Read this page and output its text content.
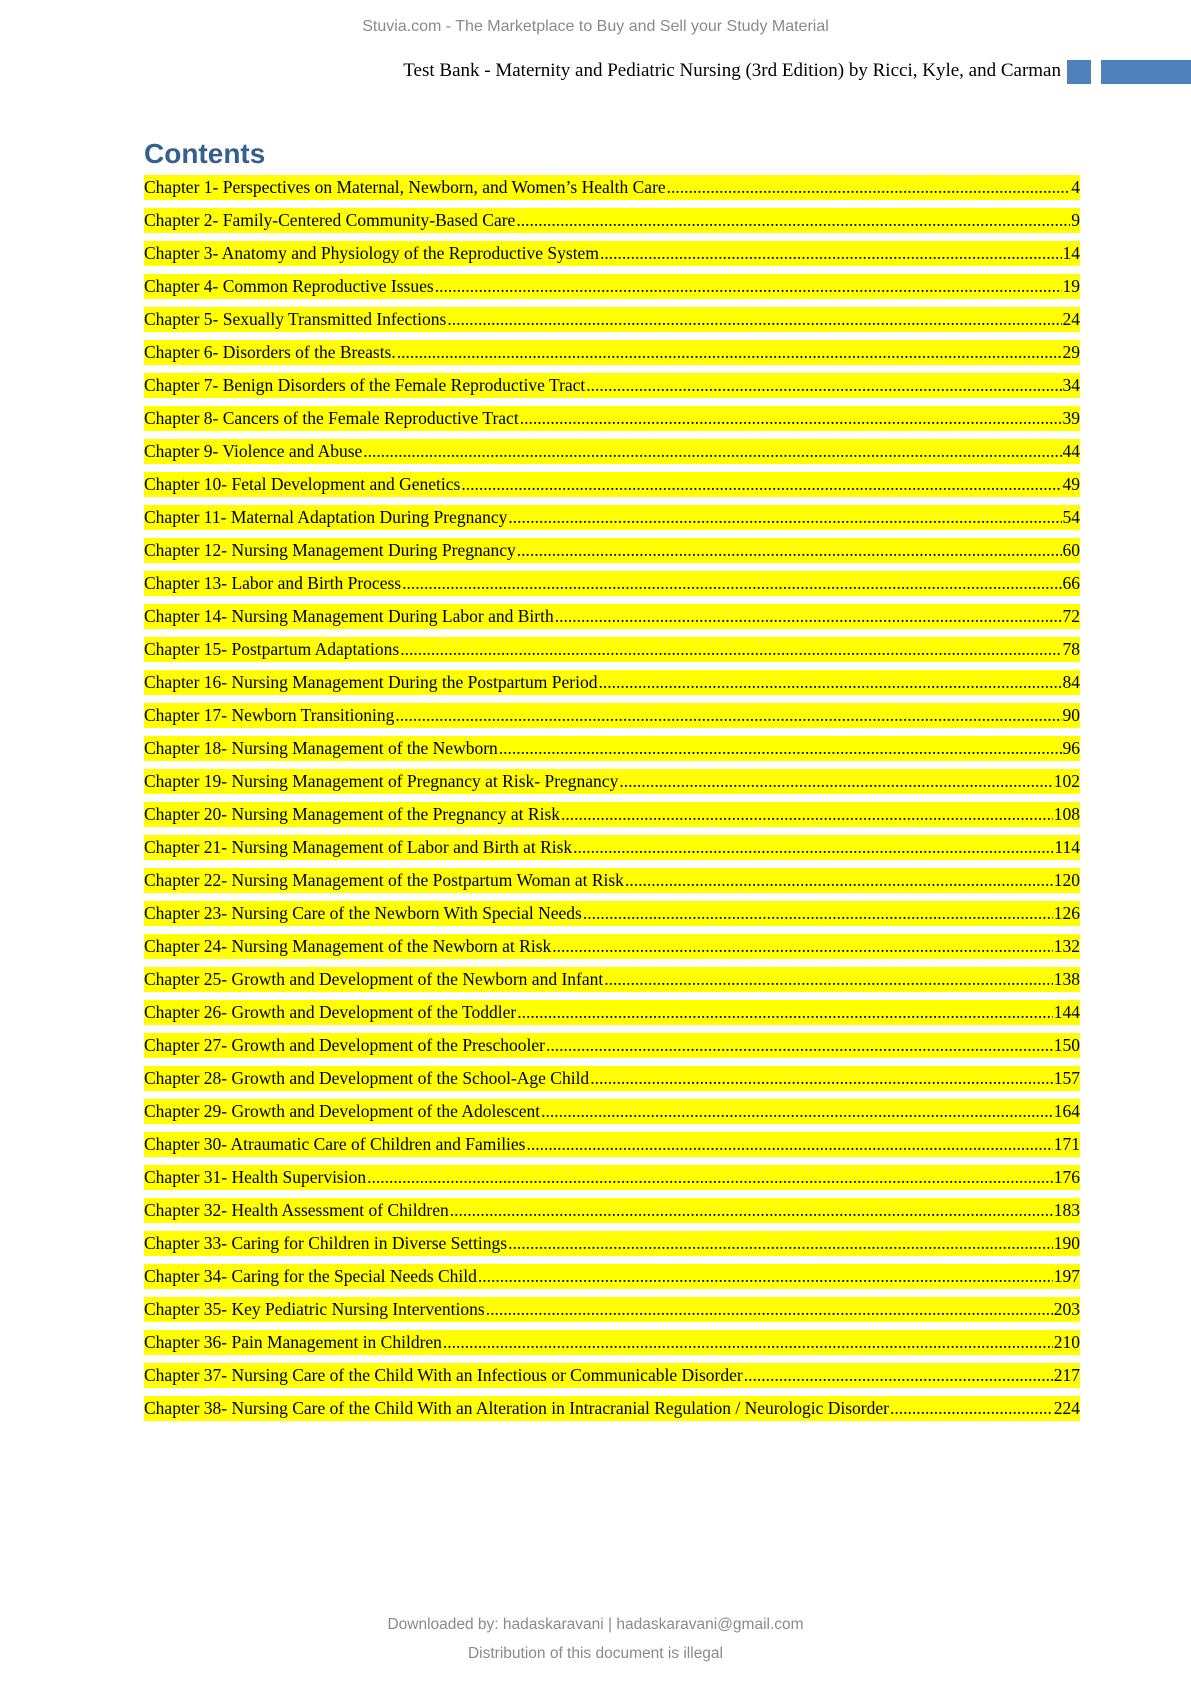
Stuvia.com - The Marketplace to Buy and Sell your Study Material
Test Bank - Maternity and Pediatric Nursing (3rd Edition) by Ricci, Kyle, and Carman
Contents
Chapter 1- Perspectives on Maternal, Newborn, and Women’s Health Care .....	4
Chapter 2- Family-Centered Community-Based Care .....	9
Chapter 3- Anatomy and Physiology of the Reproductive System .....	14
Chapter 4- Common Reproductive Issues .....	19
Chapter 5- Sexually Transmitted Infections .....	24
Chapter 6- Disorders of the Breasts. .....	29
Chapter 7- Benign Disorders of the Female Reproductive Tract .....	34
Chapter 8- Cancers of the Female Reproductive Tract .....	39
Chapter 9- Violence and Abuse .....	44
Chapter 10- Fetal Development and Genetics .....	49
Chapter 11- Maternal Adaptation During Pregnancy .....	54
Chapter 12- Nursing Management During Pregnancy .....	60
Chapter 13- Labor and Birth Process .....	66
Chapter 14- Nursing Management During Labor and Birth .....	72
Chapter 15- Postpartum Adaptations .....	78
Chapter 16- Nursing Management During the Postpartum Period .....	84
Chapter 17- Newborn Transitioning .....	90
Chapter 18- Nursing Management of the Newborn .....	96
Chapter 19- Nursing Management of Pregnancy at Risk- Pregnancy .....	102
Chapter 20- Nursing Management of the Pregnancy at Risk .....	108
Chapter 21- Nursing Management of Labor and Birth at Risk .....	114
Chapter 22- Nursing Management of the Postpartum Woman at Risk .....	120
Chapter 23- Nursing Care of the Newborn With Special Needs .....	126
Chapter 24- Nursing Management of the Newborn at Risk .....	132
Chapter 25- Growth and Development of the Newborn and Infant .....	138
Chapter 26- Growth and Development of the Toddler .....	144
Chapter 27- Growth and Development of the Preschooler .....	150
Chapter 28- Growth and Development of the School-Age Child .....	157
Chapter 29- Growth and Development of the Adolescent .....	164
Chapter 30- Atraumatic Care of Children and Families .....	171
Chapter 31- Health Supervision .....	176
Chapter 32- Health Assessment of Children .....	183
Chapter 33- Caring for Children in Diverse Settings .....	190
Chapter 34- Caring for the Special Needs Child .....	197
Chapter 35- Key Pediatric Nursing Interventions .....	203
Chapter 36- Pain Management in Children .....	210
Chapter 37- Nursing Care of the Child With an Infectious or Communicable Disorder .....	217
Chapter 38- Nursing Care of the Child With an Alteration in Intracranial Regulation / Neurologic Disorder .....	224
Downloaded by: hadaskaravani | hadaskaravani@gmail.com
Distribution of this document is illegal
